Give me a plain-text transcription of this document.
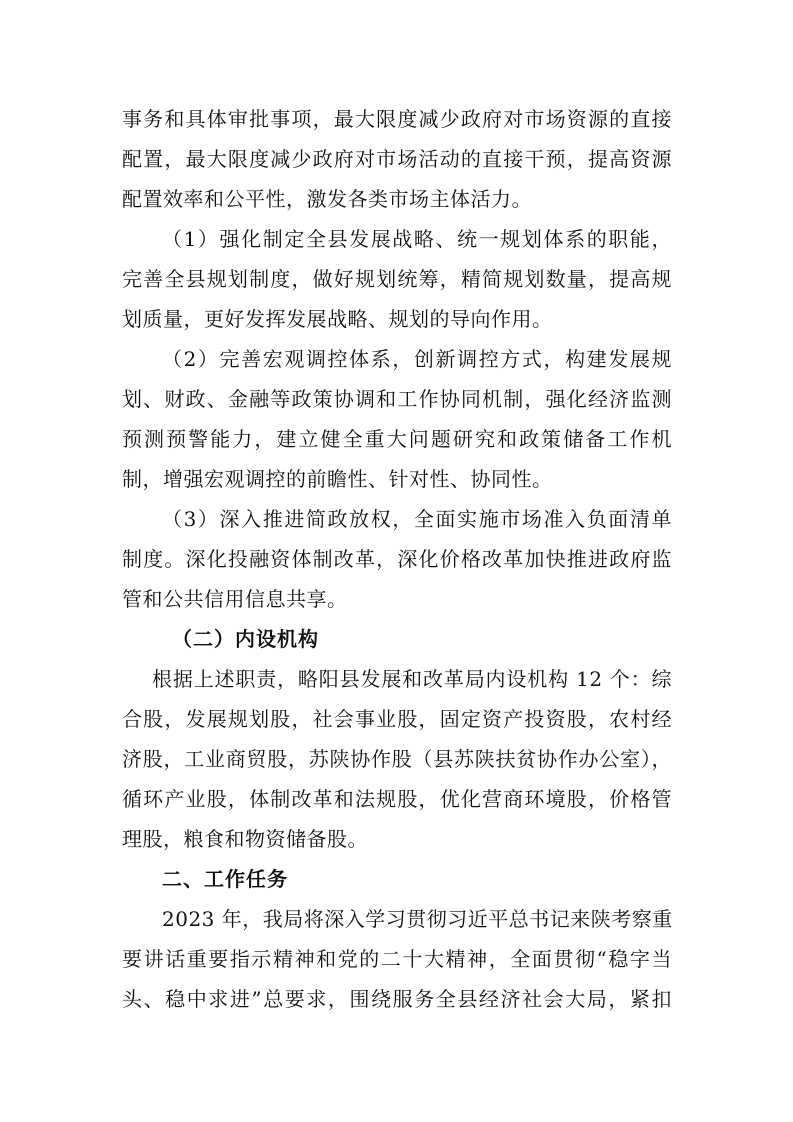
事务和具体审批事项，最大限度减少政府对市场资源的直接
配置，最大限度减少政府对市场活动的直接干预，提高资源
配置效率和公平性，激发各类市场主体活力。
（1）强化制定全县发展战略、统一规划体系的职能，
完善全县规划制度，做好规划统筹，精简规划数量，提高规
划质量，更好发挥发展战略、规划的导向作用。
（2）完善宏观调控体系，创新调控方式，构建发展规
划、财政、金融等政策协调和工作协同机制，强化经济监测
预测预警能力，建立健全重大问题研究和政策储备工作机
制，增强宏观调控的前瞻性、针对性、协同性。
（3）深入推进简政放权，全面实施市场准入负面清单
制度。深化投融资体制改革，深化价格改革加快推进政府监
管和公共信用信息共享。
（二）内设机构
根据上述职责，略阳县发展和改革局内设机构 12 个：综
合股，发展规划股，社会事业股，固定资产投资股，农村经
济股，工业商贸股，苏陕协作股（县苏陕扶贫协作办公室），
循环产业股，体制改革和法规股，优化营商环境股，价格管
理股，粮食和物资储备股。
二、工作任务
2023 年，我局将深入学习贯彻习近平总书记来陕考察重
要讲话重要指示精神和党的二十大精神，全面贯彻“稳字当
头、稳中求进”总要求，围绕服务全县经济社会大局，紧扣
